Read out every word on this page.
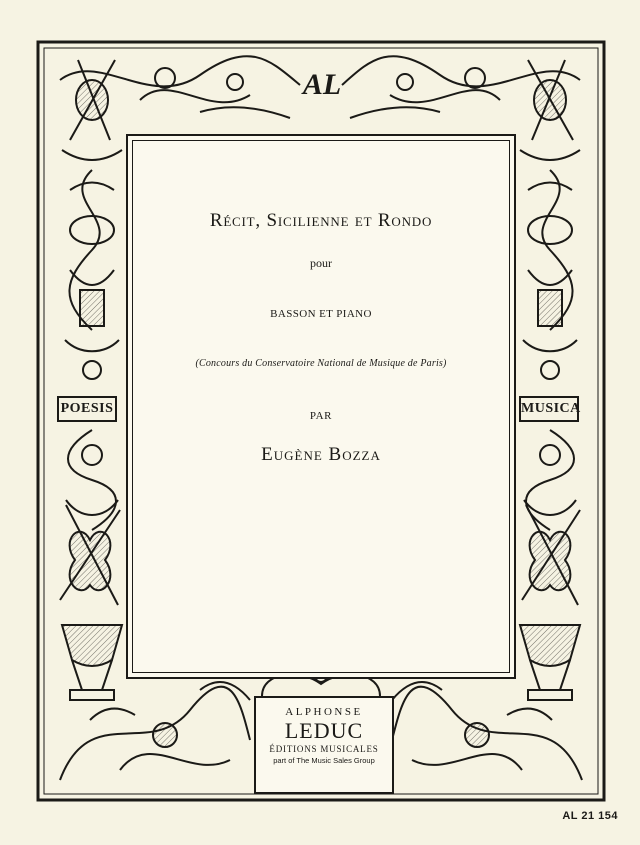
AL
Récit, Sicilienne et Rondo
pour
BASSON ET PIANO
(Concours du Conservatoire National de Musique de Paris)
PAR
Eugène Bozza
POESIS	MUSICA
ALPHONSE
LEDUC
ÉDITIONS MUSICALES
part of The Music Sales Group
AL 21 154
